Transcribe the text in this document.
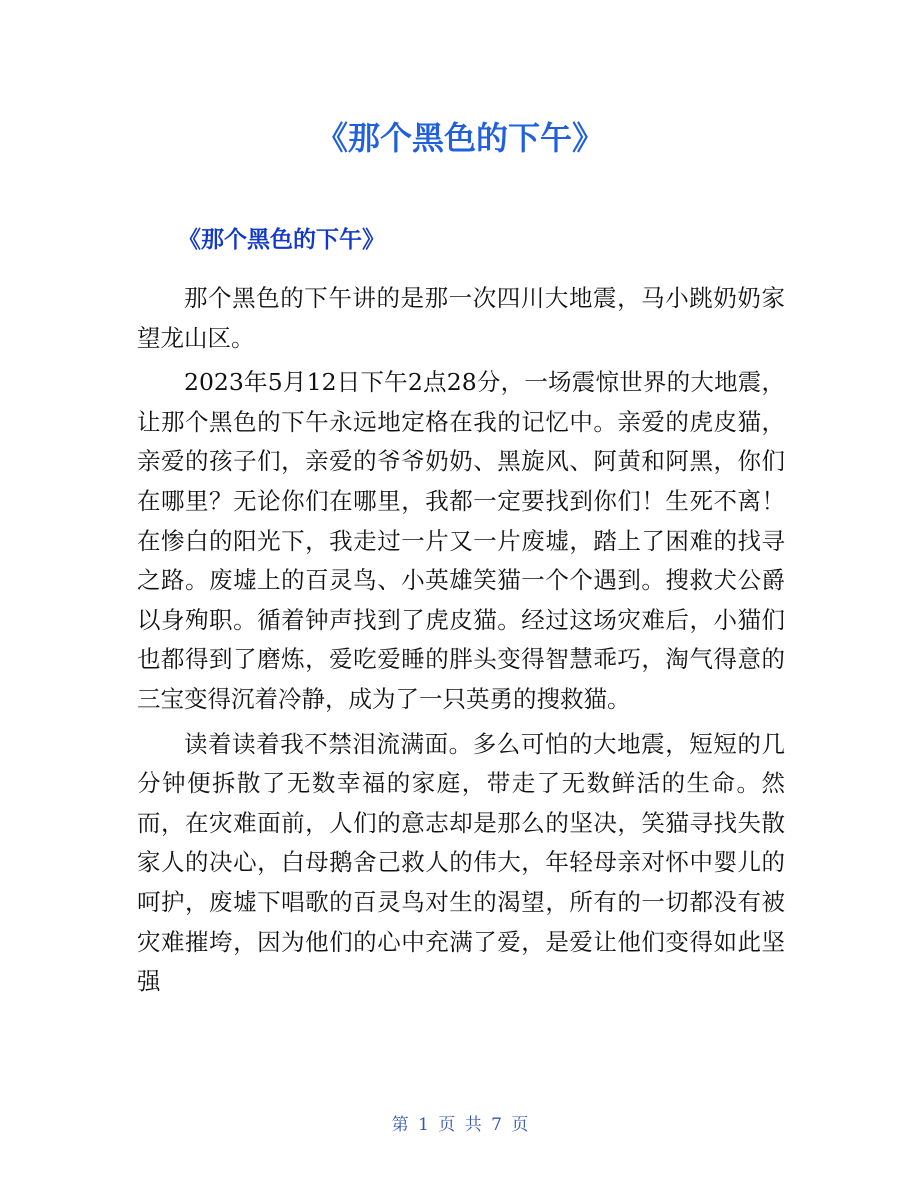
《那个黑色的下午》
《那个黑色的下午》

那个黑色的下午讲的是那一次四川大地震，马小跳奶奶家望龙山区。

2023年5月12日下午2点28分，一场震惊世界的大地震，让那个黑色的下午永远地定格在我的记忆中。亲爱的虎皮猫，亲爱的孩子们，亲爱的爷爷奶奶、黑旋风、阿黄和阿黑，你们在哪里？无论你们在哪里，我都一定要找到你们！生死不离！在惨白的阳光下，我走过一片又一片废墟，踏上了困难的找寻之路。废墟上的百灵鸟、小英雄笑猫一个个遇到。搜救犬公爵以身殉职。循着钟声找到了虎皮猫。经过这场灾难后，小猫们也都得到了磨炼，爱吃爱睡的胖头变得智慧乖巧，淘气得意的三宝变得沉着冷静，成为了一只英勇的搜救猫。

读着读着我不禁泪流满面。多么可怕的大地震，短短的几分钟便拆散了无数幸福的家庭，带走了无数鲜活的生命。然而，在灾难面前，人们的意志却是那么的坚决，笑猫寻找失散家人的决心，白母鹅舍己救人的伟大，年轻母亲对怀中婴儿的呵护，废墟下唱歌的百灵鸟对生的渴望，所有的一切都没有被灾难摧垮，因为他们的心中充满了爱，是爱让他们变得如此坚强

第 1 页 共 7 页
